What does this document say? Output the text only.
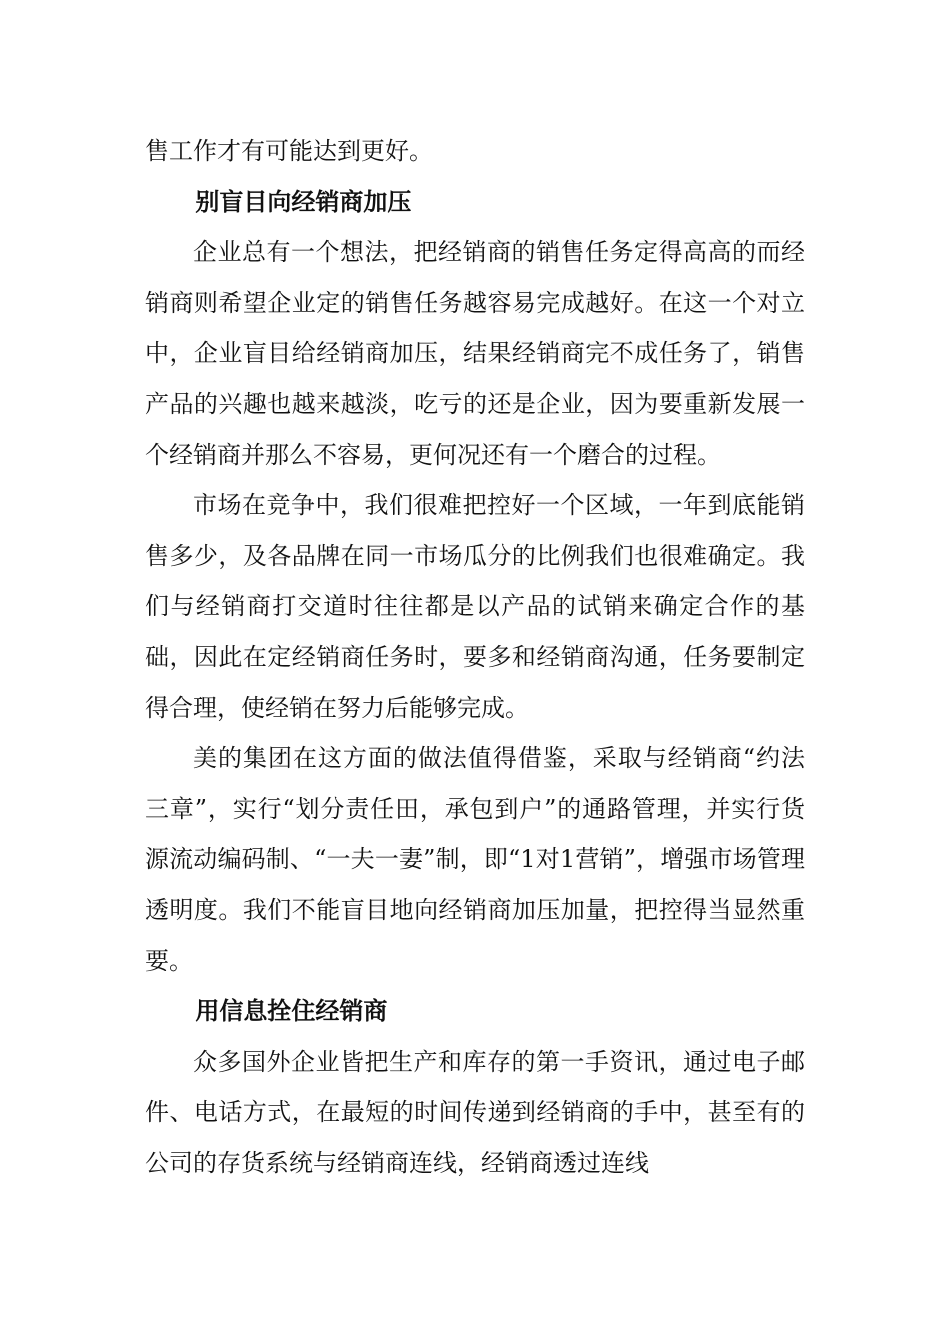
售工作才有可能达到更好。

别盲目向经销商加压

企业总有一个想法，把经销商的销售任务定得高高的而经销商则希望企业定的销售任务越容易完成越好。在这一个对立中，企业盲目给经销商加压，结果经销商完不成任务了，销售产品的兴趣也越来越淡，吃亏的还是企业，因为要重新发展一个经销商并那么不容易，更何况还有一个磨合的过程。

市场在竞争中，我们很难把控好一个区域，一年到底能销售多少，及各品牌在同一市场瓜分的比例我们也很难确定。我们与经销商打交道时往往都是以产品的试销来确定合作的基础，因此在定经销商任务时，要多和经销商沟通，任务要制定得合理，使经销在努力后能够完成。

美的集团在这方面的做法值得借鉴，采取与经销商“约法三章”，实行“划分责任田，承包到户”的通路管理，并实行货源流动编码制、“一夫一妻”制，即“1对1营销”，增强市场管理透明度。我们不能盲目地向经销商加压加量，把控得当显然重要。

用信息拴住经销商

众多国外企业皆把生产和库存的第一手资讯，通过电子邮件、电话方式，在最短的时间传递到经销商的手中，甚至有的公司的存货系统与经销商连线，经销商透过连线
